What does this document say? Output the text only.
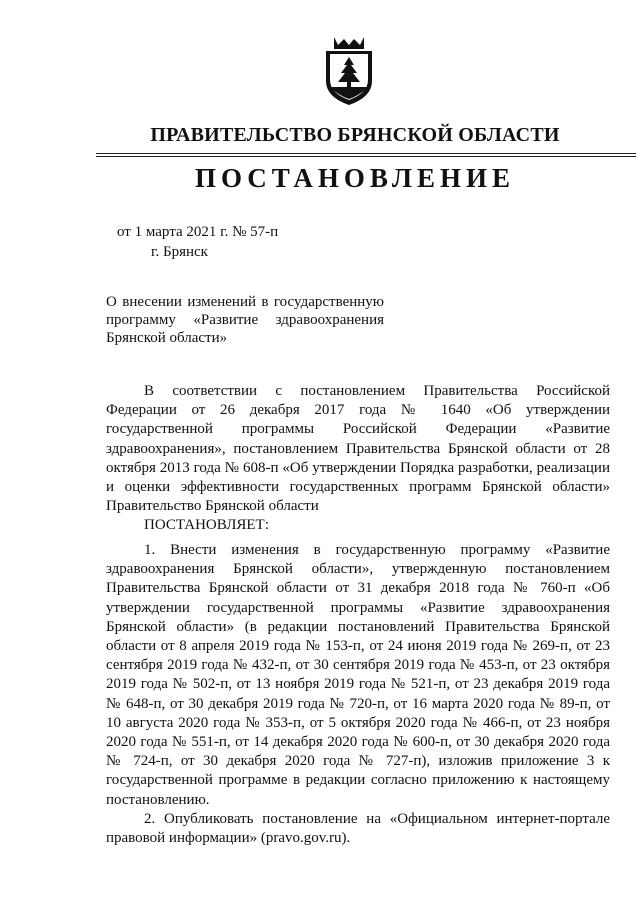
ПРАВИТЕЛЬСТВО БРЯНСКОЙ ОБЛАСТИ
ПОСТАНОВЛЕНИЕ
от 1 марта 2021 г. № 57-п
г. Брянск
О внесении изменений в государственную программу «Развитие здравоохранения Брянской области»

В соответствии с постановлением Правительства Российской Федерации от 26 декабря 2017 года № 1640 «Об утверждении государственной программы Российской Федерации «Развитие здравоохранения», постановлением Правительства Брянской области от 28 октября 2013 года № 608-п «Об утверждении Порядка разработки, реализации и оценки эффективности государственных программ Брянской области» Правительство Брянской области

ПОСТАНОВЛЯЕТ:

1. Внести изменения в государственную программу «Развитие здравоохранения Брянской области», утвержденную постановлением Правительства Брянской области от 31 декабря 2018 года № 760-п «Об утверждении государственной программы «Развитие здравоохранения Брянской области» (в редакции постановлений Правительства Брянской области от 8 апреля 2019 года № 153-п, от 24 июня 2019 года № 269-п, от 23 сентября 2019 года № 432-п, от 30 сентября 2019 года № 453-п, от 23 октября 2019 года № 502-п, от 13 ноября 2019 года № 521-п, от 23 декабря 2019 года № 648-п, от 30 декабря 2019 года № 720-п, от 16 марта 2020 года № 89-п, от 10 августа 2020 года № 353-п, от 5 октября 2020 года № 466-п, от 23 ноября 2020 года № 551-п, от 14 декабря 2020 года № 600-п, от 30 декабря 2020 года № 724-п, от 30 декабря 2020 года № 727-п), изложив приложение 3 к государственной программе в редакции согласно приложению к настоящему постановлению.

2. Опубликовать постановление на «Официальном интернет-портале правовой информации» (pravo.gov.ru).
